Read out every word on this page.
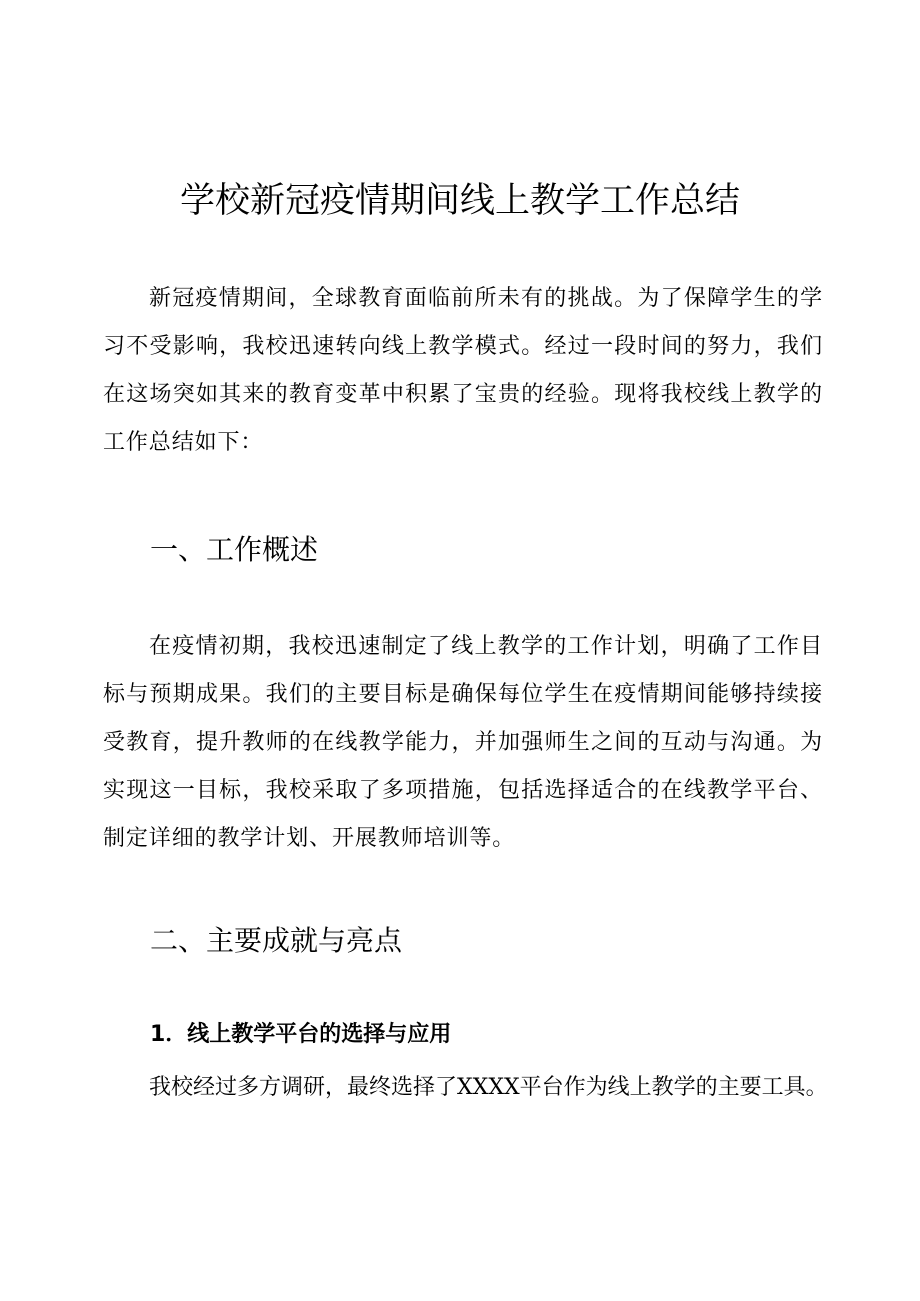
学校新冠疫情期间线上教学工作总结

新冠疫情期间，全球教育面临前所未有的挑战。为了保障学生的学习不受影响，我校迅速转向线上教学模式。经过一段时间的努力，我们在这场突如其来的教育变革中积累了宝贵的经验。现将我校线上教学的工作总结如下：

一、工作概述

在疫情初期，我校迅速制定了线上教学的工作计划，明确了工作目标与预期成果。我们的主要目标是确保每位学生在疫情期间能够持续接受教育，提升教师的在线教学能力，并加强师生之间的互动与沟通。为实现这一目标，我校采取了多项措施，包括选择适合的在线教学平台、制定详细的教学计划、开展教师培训等。

二、主要成就与亮点
1．线上教学平台的选择与应用

我校经过多方调研，最终选择了XXXX平台作为线上教学的主要工具。
